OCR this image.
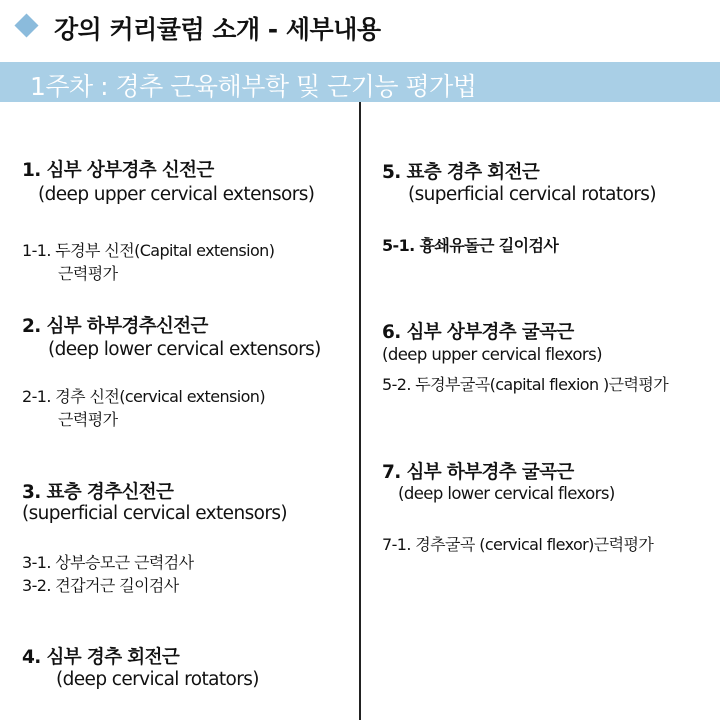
강의 커리큘럼 소개 - 세부내용
1주차 : 경추 근육해부학 및 근기능 평가법
1. 심부 상부경추 신전근
(deep upper cervical extensors)
1-1. 두경부 신전(Capital extension)
근력평가
2. 심부 하부경추신전근
(deep lower cervical extensors)
2-1. 경추 신전(cervical extension)
근력평가
3. 표층 경추신전근
(superficial cervical extensors)
3-1. 상부승모근 근력검사
3-2. 견갑거근 길이검사
4. 심부 경추 회전근
(deep cervical rotators)
5. 표층 경추 회전근
(superficial cervical rotators)
5-1. 흉쇄유돌근 길이검사
6. 심부 상부경추 굴곡근
(deep upper cervical flexors)
5-2. 두경부굴곡(capital flexion )근력평가
7. 심부 하부경추 굴곡근
(deep lower cervical flexors)
7-1. 경추굴곡 (cervical flexor)근력평가
